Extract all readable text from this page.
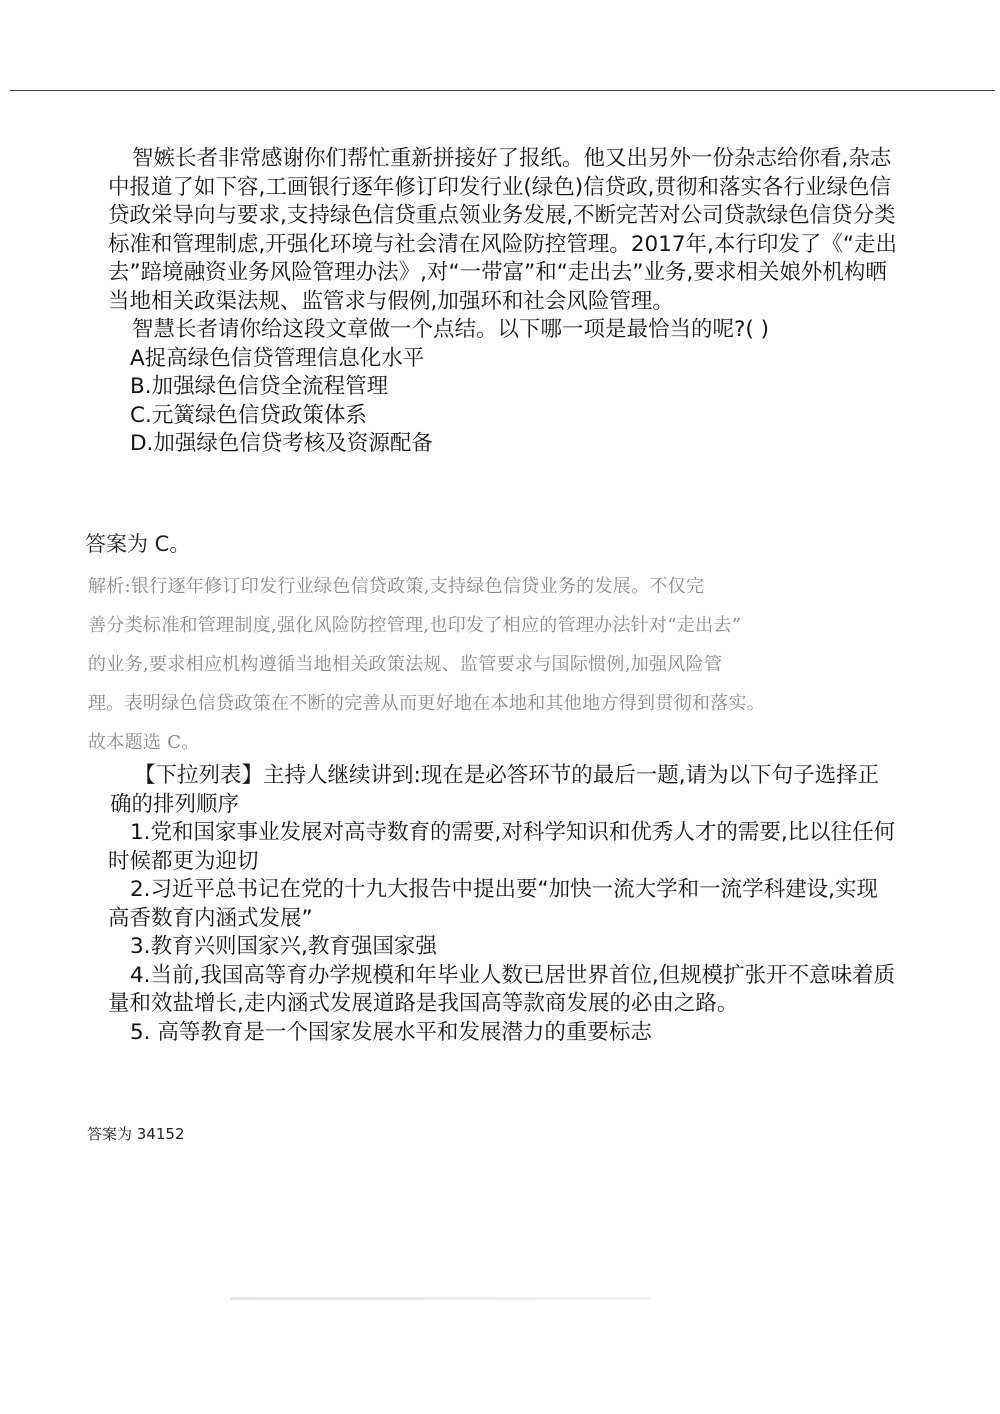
智嫉长者非常感谢你们帮忙重新拼接好了报纸。他又出另外一份杂志给你看,杂志中报道了如下容,工画银行逐年修订印发行业(绿色)信贷政,贯彻和落实各行业绿色信贷政栄导向与要求,支持绿色信贷重点领业务发展,不断完苦对公司贷款绿色信贷分类标准和管理制虑,开强化环境与社会清在风险防控管理。2017年,本行印发了《“走出去”踣境融资业务风险管理办法》,对“一带富”和“走出去”业务,要求相关娘外机构晒当地相关政渠法规、监管求与假例,加强环和社会风险管理。

智慧长者请你给这段文章做一个点结。以下哪一项是最恰当的呢?( )

A捉高绿色信贷管理信息化水平

B.加强绿色信贷全流程管理

C.元簧绿色信贷政策体系

D.加强绿色信贷考核及资源配备

答案为 C。

解析:银行逐年修订印发行业绿色信贷政策,支持绿色信贷业务的发展。不仅完

善分类标准和管理制度,强化风险防控管理,也印发了相应的管理办法针对“走出去”

的业务,要求相应机构遵循当地相关政策法规、监管要求与国际惯例,加强风险管

理。表明绿色信贷政策在不断的完善从而更好地在本地和其他地方得到贯彻和落实。

故本题选 C。

【下拉列表】主持人继续讲到:现在是必答环节的最后一题,请为以下句子选择正确的排列顺序

1.党和国家事业发展对高寺数育的需要,对科学知识和优秀人才的需要,比以往任何时候都更为迎切

2.习近平总书记在党的十九大报告中提出要“加快一流大学和一流学科建设,实现高香数育内涵式发展”

3.教育兴则国家兴,教育强国家强

4.当前,我国高等育办学规模和年毕业人数已居世界首位,但规模扩张开不意味着质量和效盐增长,走内涵式发展道路是我国高等款商发展的必由之路。

5. 高等教育是一个国家发展水平和发展潜力的重要标志

答案为 34152
